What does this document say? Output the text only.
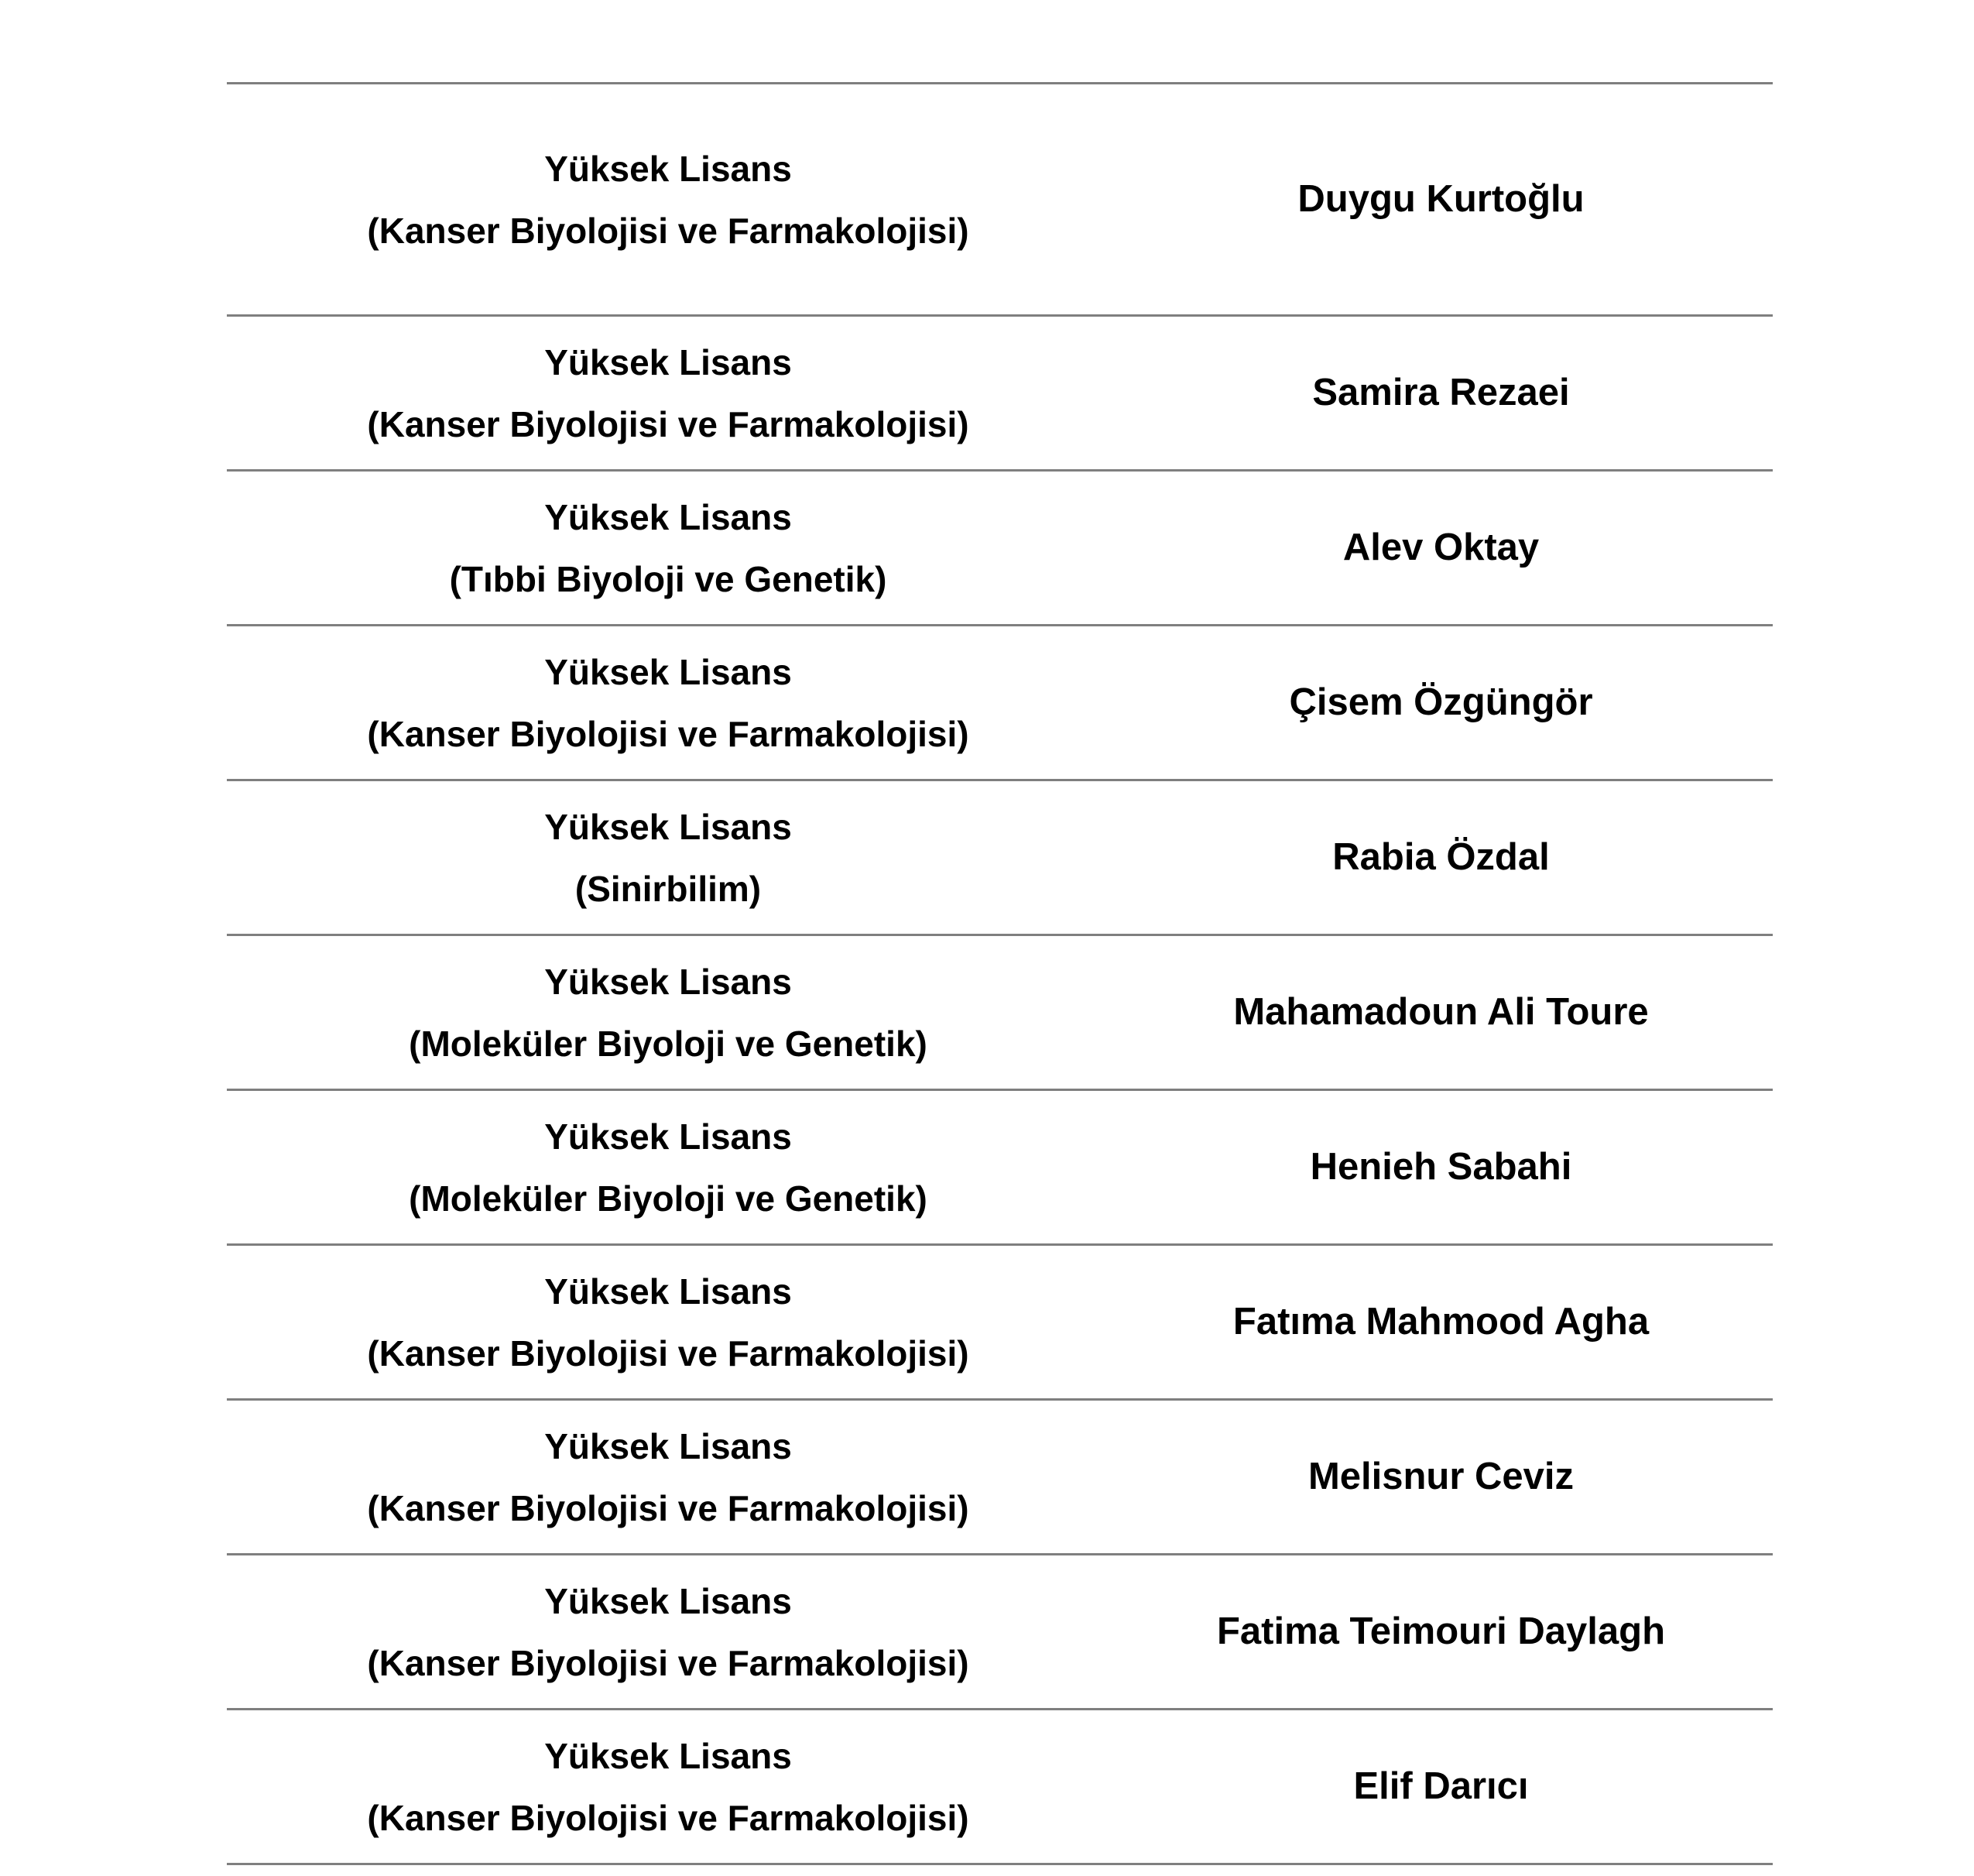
Yüksek Lisans
(Kanser Biyolojisi ve Farmakolojisi)
Duygu Kurtoğlu
Yüksek Lisans
(Kanser Biyolojisi ve Farmakolojisi)
Samira Rezaei
Yüksek Lisans
(Tıbbi Biyoloji ve Genetik)
Alev Oktay
Yüksek Lisans
(Kanser Biyolojisi ve Farmakolojisi)
Çisem Özgüngör
Yüksek Lisans
(Sinirbilim)
Rabia Özdal
Yüksek Lisans
(Moleküler Biyoloji ve Genetik)
Mahamadoun Ali Toure
Yüksek Lisans
(Moleküler Biyoloji ve Genetik)
Henieh Sabahi
Yüksek Lisans
(Kanser Biyolojisi ve Farmakolojisi)
Fatıma Mahmood Agha
Yüksek Lisans
(Kanser Biyolojisi ve Farmakolojisi)
Melisnur Ceviz
Yüksek Lisans
(Kanser Biyolojisi ve Farmakolojisi)
Fatima Teimouri Daylagh
Yüksek Lisans
(Kanser Biyolojisi ve Farmakolojisi)
Elif Darıcı
